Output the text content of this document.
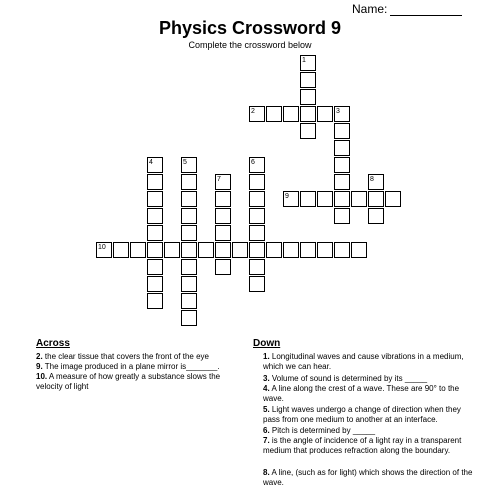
Name:
Physics Crossword 9
Complete the crossword below
1
2	3
4	5	6
7	8
9
10
Across
2. the clear tissue that covers the front of the eye
9. The image produced in a plane mirror is_______.
10. A measure of how greatly a substance slows the velocity of light
Down
1. Longitudinal waves and cause vibrations in a medium, which we can hear.
3. Volume of sound is determined by its _____
4. A line along the crest of a wave. These are 90° to the wave.
5. Light waves undergo a change of direction when they pass from one medium to another at an interface.
6. Pitch is determined by _____
7. is the angle of incidence of a light ray in a transparent medium that produces refraction along the boundary.
8. A line, (such as for light) which shows the direction of the wave.
